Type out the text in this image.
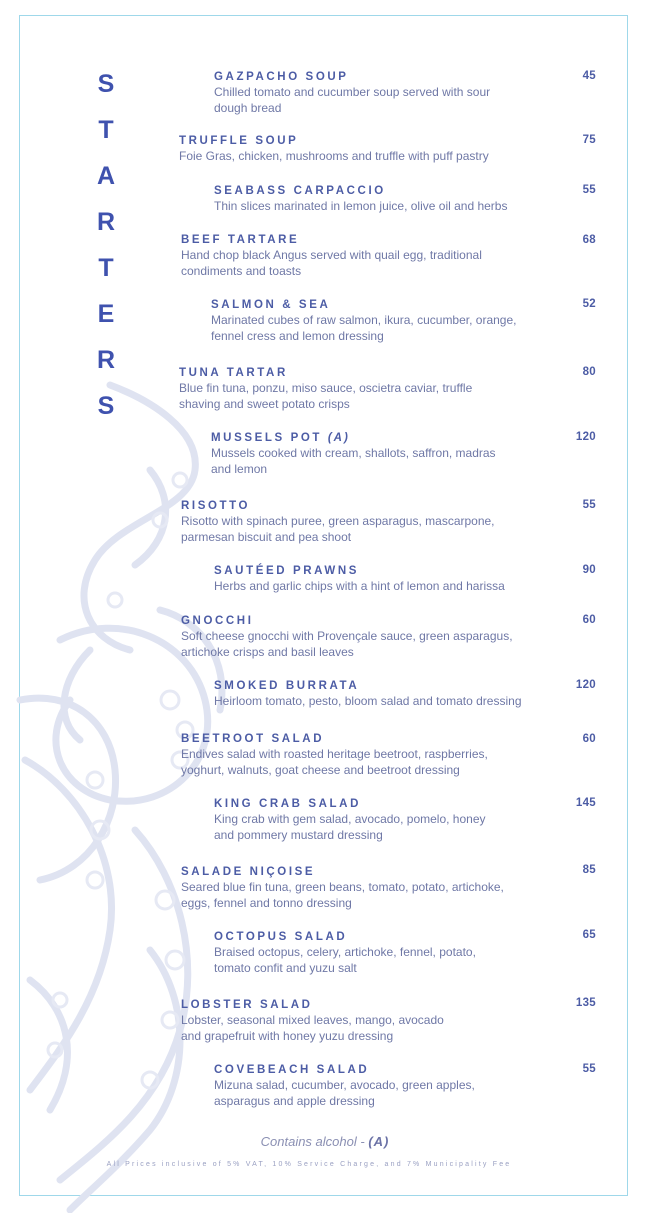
S
T
A
R
T
E
R
S
GAZPACHO SOUP
Chilled tomato and cucumber soup served with sour
dough bread
45
TRUFFLE SOUP
Foie Gras, chicken, mushrooms and truffle with puff pastry
75
SEABASS CARPACCIO
Thin slices marinated in lemon juice, olive oil and herbs
55
BEEF TARTARE
Hand chop black Angus served with quail egg, traditional
condiments and toasts
68
SALMON & SEA
Marinated cubes of raw salmon, ikura, cucumber, orange,
fennel cress and lemon dressing
52
TUNA TARTAR
Blue fin tuna, ponzu, miso sauce, oscietra caviar, truffle
shaving and sweet potato crisps
80
MUSSELS POT (A)
Mussels cooked with cream, shallots, saffron, madras
and lemon
120
RISOTTO
Risotto with spinach puree, green asparagus, mascarpone,
parmesan biscuit and pea shoot
55
SAUTÉED PRAWNS
Herbs and garlic chips with a hint of lemon and harissa
90
GNOCCHI
Soft cheese gnocchi with Provençale sauce, green asparagus,
artichoke crisps and basil leaves
60
SMOKED BURRATA
Heirloom tomato, pesto, bloom salad and tomato dressing
120
BEETROOT SALAD
Endives salad with roasted heritage beetroot, raspberries,
yoghurt, walnuts, goat cheese and beetroot dressing
60
KING CRAB SALAD
King crab with gem salad, avocado, pomelo, honey
and pommery mustard dressing
145
SALADE NIÇOISE
Seared blue fin tuna, green beans, tomato, potato, artichoke,
eggs, fennel and tonno dressing
85
OCTOPUS SALAD
Braised octopus, celery, artichoke, fennel, potato,
tomato confit and yuzu salt
65
LOBSTER SALAD
Lobster, seasonal mixed leaves, mango, avocado
and grapefruit with honey yuzu dressing
135
COVEBEACH SALAD
Mizuna salad, cucumber, avocado, green apples,
asparagus and apple dressing
55
Contains alcohol - (A)
All Prices inclusive of 5% VAT, 10% Service Charge, and 7% Municipality Fee
